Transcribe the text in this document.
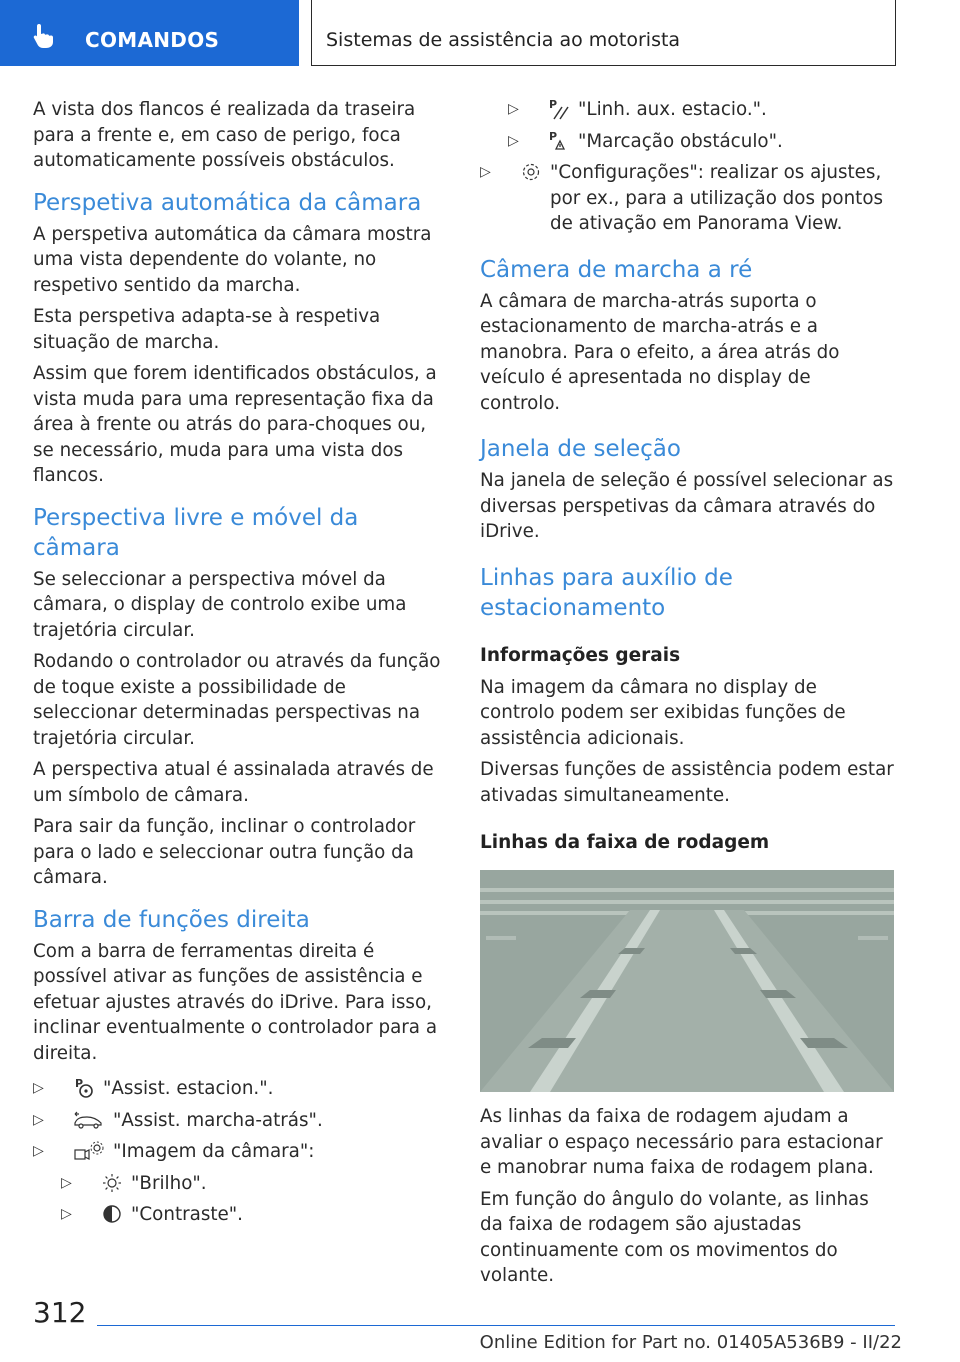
COMANDOS	Sistemas de assistência ao motorista

A vista dos flancos é realizada da traseira para a frente e, em caso de perigo, foca automaticamente possíveis obstáculos.

Perspetiva automática da câmara

A perspetiva automática da câmara mostra uma vista dependente do volante, no respetivo sentido da marcha.

Esta perspetiva adapta-se à respetiva situação de marcha.

Assim que forem identificados obstáculos, a vista muda para uma representação fixa da área à frente ou atrás do para-choques ou, se necessário, muda para uma vista dos flancos.

Perspectiva livre e móvel da câmara

Se seleccionar a perspectiva móvel da câmara, o display de controlo exibe uma trajetória circular.

Rodando o controlador ou através da função de toque existe a possibilidade de seleccionar determinadas perspectivas na trajetória circular.

A perspectiva atual é assinalada através de um símbolo de câmara.

Para sair da função, inclinar o controlador para o lado e seleccionar outra função da câmara.

Barra de funções direita

Com a barra de ferramentas direita é possível ativar as funções de assistência e efetuar ajustes através do iDrive. Para isso, inclinar eventualmente o controlador para a direita.

▷	P "Assist. estacion.".
▷	"Assist. marcha-atrás".
▷	"Imagem da câmara":
▷	"Brilho".
▷	"Contraste".
▷	P "Linh. aux. estacio.".
▷	P "Marcação obstáculo".
▷	"Configurações": realizar os ajustes, por ex., para a utilização dos pontos de ativação em Panorama View.
Câmera de marcha a ré

A câmara de marcha-atrás suporta o estacionamento de marcha-atrás e a manobra. Para o efeito, a área atrás do veículo é apresentada no display de controlo.

Janela de seleção

Na janela de seleção é possível selecionar as diversas perspetivas da câmara através do iDrive.

Linhas para auxílio de estacionamento
Informações gerais

Na imagem da câmara no display de controlo podem ser exibidas funções de assistência adicionais.

Diversas funções de assistência podem estar ativadas simultaneamente.

Linhas da faixa de rodagem

As linhas da faixa de rodagem ajudam a avaliar o espaço necessário para estacionar e manobrar numa faixa de rodagem plana.

Em função do ângulo do volante, as linhas da faixa de rodagem são ajustadas continuamente com os movimentos do volante.

312
Online Edition for Part no. 01405A536B9 - II/22
